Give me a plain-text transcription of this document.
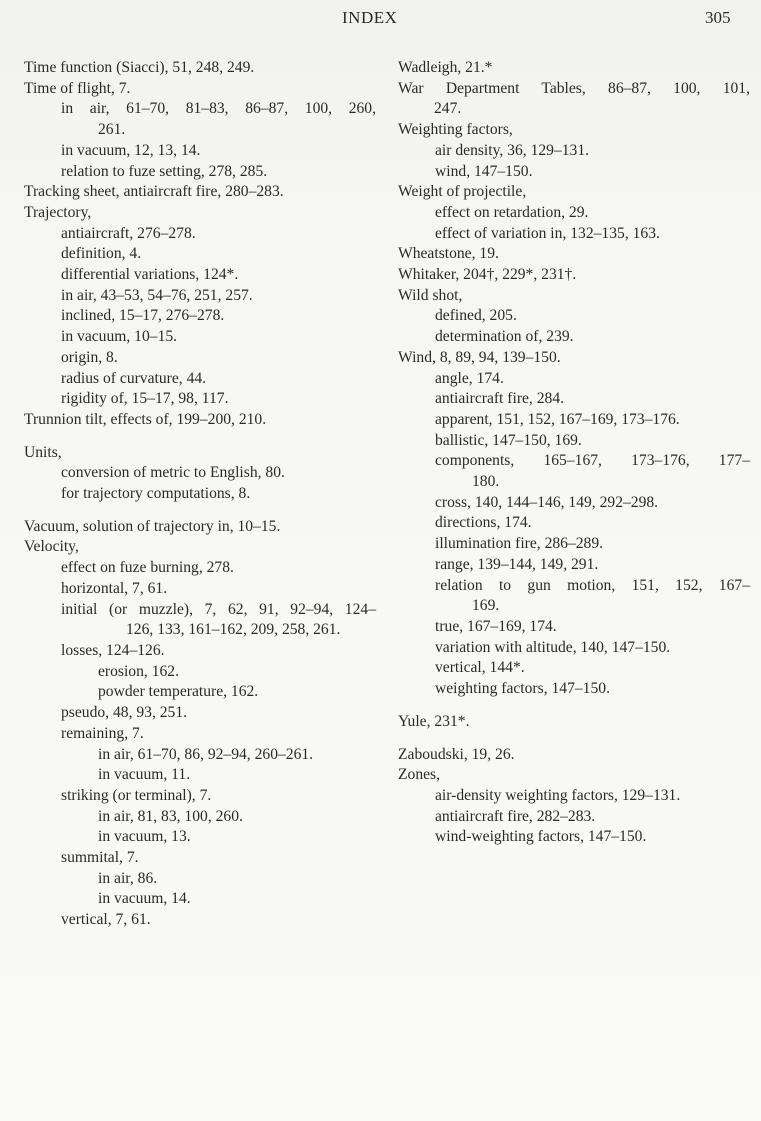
INDEX	305
Time function (Siacci), 51, 248, 249.
Time of flight, 7.
in air, 61–70, 81–83, 86–87, 100, 260,
261.
in vacuum, 12, 13, 14.
relation to fuze setting, 278, 285.
Tracking sheet, antiaircraft fire, 280–283.
Trajectory,
antiaircraft, 276–278.
definition, 4.
differential variations, 124*.
in air, 43–53, 54–76, 251, 257.
inclined, 15–17, 276–278.
in vacuum, 10–15.
origin, 8.
radius of curvature, 44.
rigidity of, 15–17, 98, 117.
Trunnion tilt, effects of, 199–200, 210.
Units,
conversion of metric to English, 80.
for trajectory computations, 8.
Vacuum, solution of trajectory in, 10–15.
Velocity,
effect on fuze burning, 278.
horizontal, 7, 61.
initial (or muzzle), 7, 62, 91, 92–94, 124–
126, 133, 161–162, 209, 258, 261.
losses, 124–126.
erosion, 162.
powder temperature, 162.
pseudo, 48, 93, 251.
remaining, 7.
in air, 61–70, 86, 92–94, 260–261.
in vacuum, 11.
striking (or terminal), 7.
in air, 81, 83, 100, 260.
in vacuum, 13.
summital, 7.
in air, 86.
in vacuum, 14.
vertical, 7, 61.
Wadleigh, 21.*
War Department Tables, 86–87, 100, 101,
247.
Weighting factors,
air density, 36, 129–131.
wind, 147–150.
Weight of projectile,
effect on retardation, 29.
effect of variation in, 132–135, 163.
Wheatstone, 19.
Whitaker, 204†, 229*, 231†.
Wild shot,
defined, 205.
determination of, 239.
Wind, 8, 89, 94, 139–150.
angle, 174.
antiaircraft fire, 284.
apparent, 151, 152, 167–169, 173–176.
ballistic, 147–150, 169.
components, 165–167, 173–176, 177–
180.
cross, 140, 144–146, 149, 292–298.
directions, 174.
illumination fire, 286–289.
range, 139–144, 149, 291.
relation to gun motion, 151, 152, 167–
169.
true, 167–169, 174.
variation with altitude, 140, 147–150.
vertical, 144*.
weighting factors, 147–150.
Yule, 231*.
Zaboudski, 19, 26.
Zones,
air-density weighting factors, 129–131.
antiaircraft fire, 282–283.
wind-weighting factors, 147–150.
